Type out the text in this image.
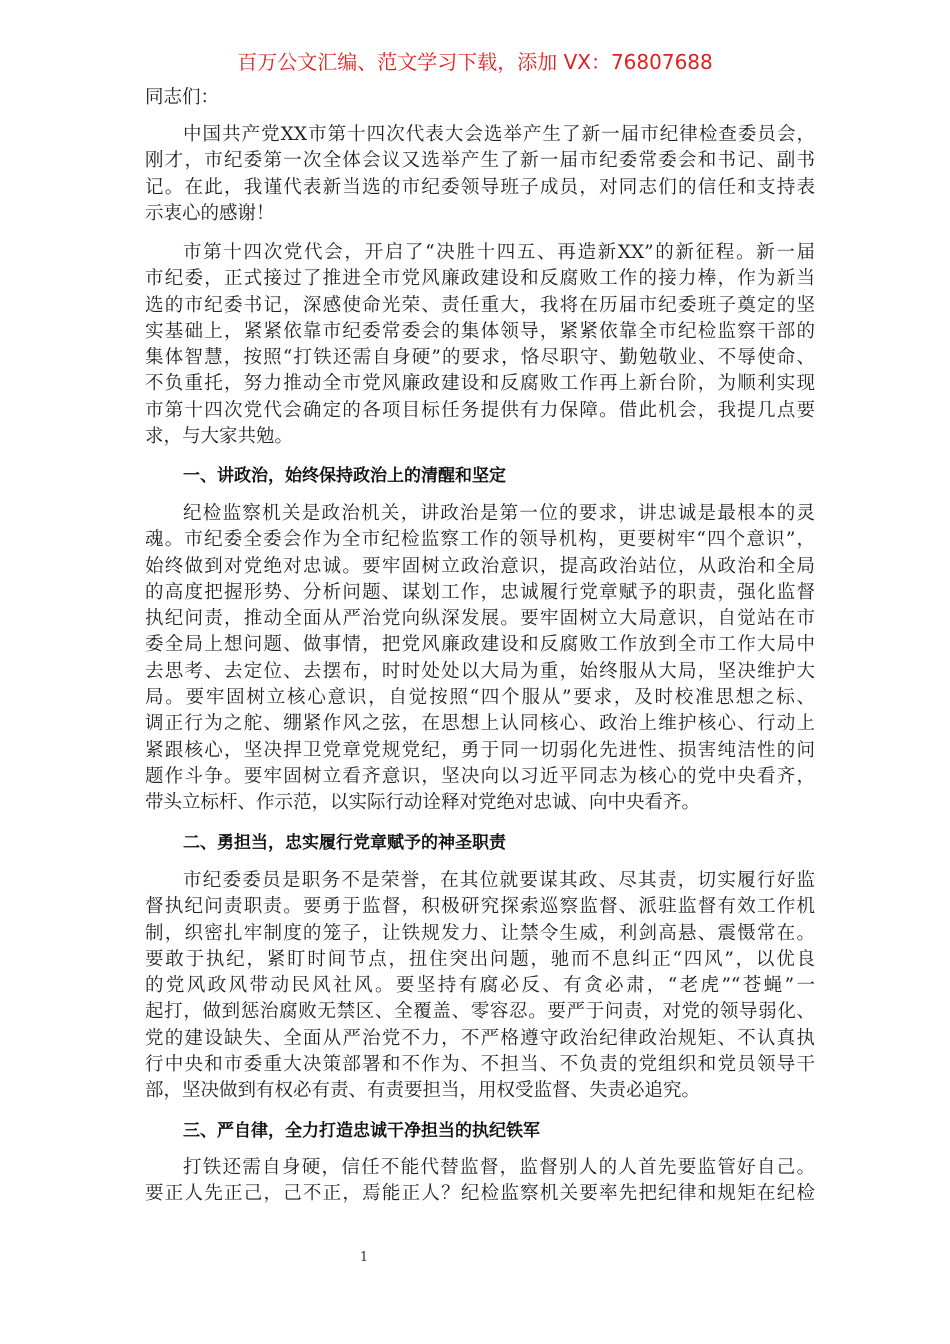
百万公文汇编、范文学习下载，添加 VX：76807688
同志们：
中国共产党XX市第十四次代表大会选举产生了新一届市纪律检查委员会，
刚才，市纪委第一次全体会议又选举产生了新一届市纪委常委会和书记、副书
记。在此，我谨代表新当选的市纪委领导班子成员，对同志们的信任和支持表
示衷心的感谢！
市第十四次党代会，开启了“决胜十四五、再造新XX”的新征程。新一届
市纪委，正式接过了推进全市党风廉政建设和反腐败工作的接力棒，作为新当
选的市纪委书记，深感使命光荣、责任重大，我将在历届市纪委班子奠定的坚
实基础上，紧紧依靠市纪委常委会的集体领导，紧紧依靠全市纪检监察干部的
集体智慧，按照“打铁还需自身硬”的要求，恪尽职守、勤勉敬业、不辱使命、
不负重托，努力推动全市党风廉政建设和反腐败工作再上新台阶，为顺利实现
市第十四次党代会确定的各项目标任务提供有力保障。借此机会，我提几点要
求，与大家共勉。
一、讲政治，始终保持政治上的清醒和坚定
纪检监察机关是政治机关，讲政治是第一位的要求，讲忠诚是最根本的灵
魂。市纪委全委会作为全市纪检监察工作的领导机构，更要树牢“四个意识”，
始终做到对党绝对忠诚。要牢固树立政治意识，提高政治站位，从政治和全局
的高度把握形势、分析问题、谋划工作，忠诚履行党章赋予的职责，强化监督
执纪问责，推动全面从严治党向纵深发展。要牢固树立大局意识，自觉站在市
委全局上想问题、做事情，把党风廉政建设和反腐败工作放到全市工作大局中
去思考、去定位、去摆布，时时处处以大局为重，始终服从大局，坚决维护大
局。要牢固树立核心意识，自觉按照“四个服从”要求，及时校准思想之标、
调正行为之舵、绷紧作风之弦，在思想上认同核心、政治上维护核心、行动上
紧跟核心，坚决捍卫党章党规党纪，勇于同一切弱化先进性、损害纯洁性的问
题作斗争。要牢固树立看齐意识，坚决向以习近平同志为核心的党中央看齐，
带头立标杆、作示范，以实际行动诠释对党绝对忠诚、向中央看齐。
二、勇担当，忠实履行党章赋予的神圣职责
市纪委委员是职务不是荣誉，在其位就要谋其政、尽其责，切实履行好监
督执纪问责职责。要勇于监督，积极研究探索巡察监督、派驻监督有效工作机
制，织密扎牢制度的笼子，让铁规发力、让禁令生威，利剑高悬、震慑常在。
要敢于执纪，紧盯时间节点，扭住突出问题，驰而不息纠正“四风”，以优良
的党风政风带动民风社风。要坚持有腐必反、有贪必肃，“老虎”“苍蝇”一
起打，做到惩治腐败无禁区、全覆盖、零容忍。要严于问责，对党的领导弱化、
党的建设缺失、全面从严治党不力，不严格遵守政治纪律政治规矩、不认真执
行中央和市委重大决策部署和不作为、不担当、不负责的党组织和党员领导干
部，坚决做到有权必有责、有责要担当，用权受监督、失责必追究。
三、严自律，全力打造忠诚干净担当的执纪铁军
打铁还需自身硬，信任不能代替监督，监督别人的人首先要监管好自己。
要正人先正己，己不正，焉能正人？纪检监察机关要率先把纪律和规矩在纪检
1
